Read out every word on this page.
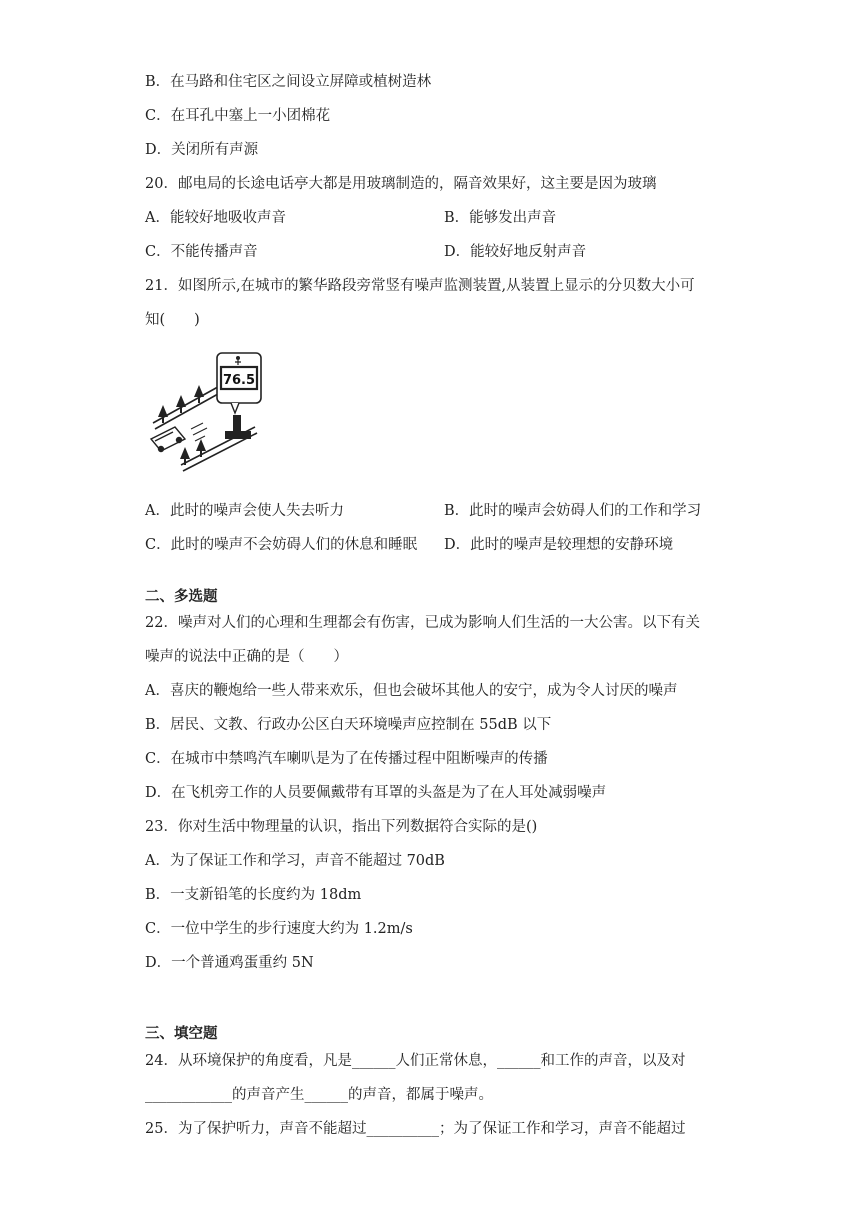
B．在马路和住宅区之间设立屏障或植树造林
C．在耳孔中塞上一小团棉花
D．关闭所有声源
20．邮电局的长途电话亭大都是用玻璃制造的，隔音效果好，这主要是因为玻璃
A．能较好地吸收声音	B．能够发出声音
C．不能传播声音	D．能较好地反射声音
21．如图所示,在城市的繁华路段旁常竖有噪声监测装置,从装置上显示的分贝数大小可
知(　　)
A．此时的噪声会使人失去听力	B．此时的噪声会妨碍人们的工作和学习
C．此时的噪声不会妨碍人们的休息和睡眠 D．此时的噪声是较理想的安静环境
二、多选题
22．噪声对人们的心理和生理都会有伤害，已成为影响人们生活的一大公害。以下有关
噪声的说法中正确的是（　　）
A．喜庆的鞭炮给一些人带来欢乐，但也会破坏其他人的安宁，成为令人讨厌的噪声
B．居民、文教、行政办公区白天环境噪声应控制在 55dB 以下
C．在城市中禁鸣汽车喇叭是为了在传播过程中阻断噪声的传播
D．在飞机旁工作的人员要佩戴带有耳罩的头盔是为了在人耳处减弱噪声
23．你对生活中物理量的认识，指出下列数据符合实际的是()
A．为了保证工作和学习，声音不能超过 70dB
B．一支新铅笔的长度约为 18dm
C．一位中学生的步行速度大约为 1.2m/s
D．一个普通鸡蛋重约 5N
三、填空题
24．从环境保护的角度看，凡是______人们正常休息，______和工作的声音，以及对
____________的声音产生______的声音，都属于噪声。
25．为了保护听力，声音不能超过__________；为了保证工作和学习，声音不能超过
76.5
